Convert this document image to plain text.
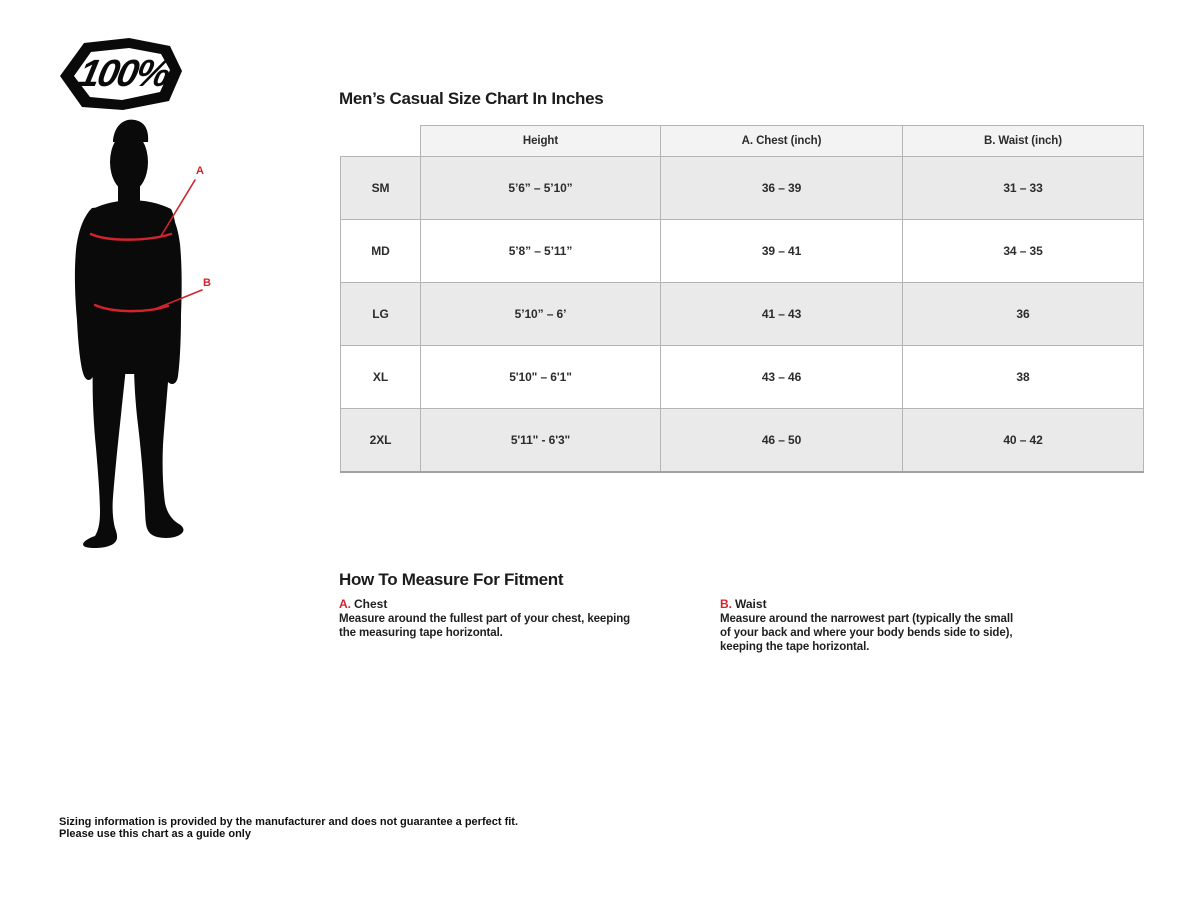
100%
A
B
Men’s Casual Size Chart In Inches
	Height	A. Chest (inch)	B. Waist (inch)
SM	5’6” – 5’10”	36 – 39	31 – 33
MD	5’8” – 5’11”	39 – 41	34 – 35
LG	5’10” – 6’	41 – 43	36
XL	5'10" – 6'1"	43 – 46	38
2XL	5'11" - 6'3"	46 – 50	40 – 42
How To Measure For Fitment
A. Chest

Measure around the fullest part of your chest, keeping the measuring tape horizontal.

B. Waist

Measure around the narrowest part (typically the small of your back and where your body bends side to side), keeping the tape horizontal.

Sizing information is provided by the manufacturer and does not guarantee a perfect fit.
Please use this chart as a guide only
